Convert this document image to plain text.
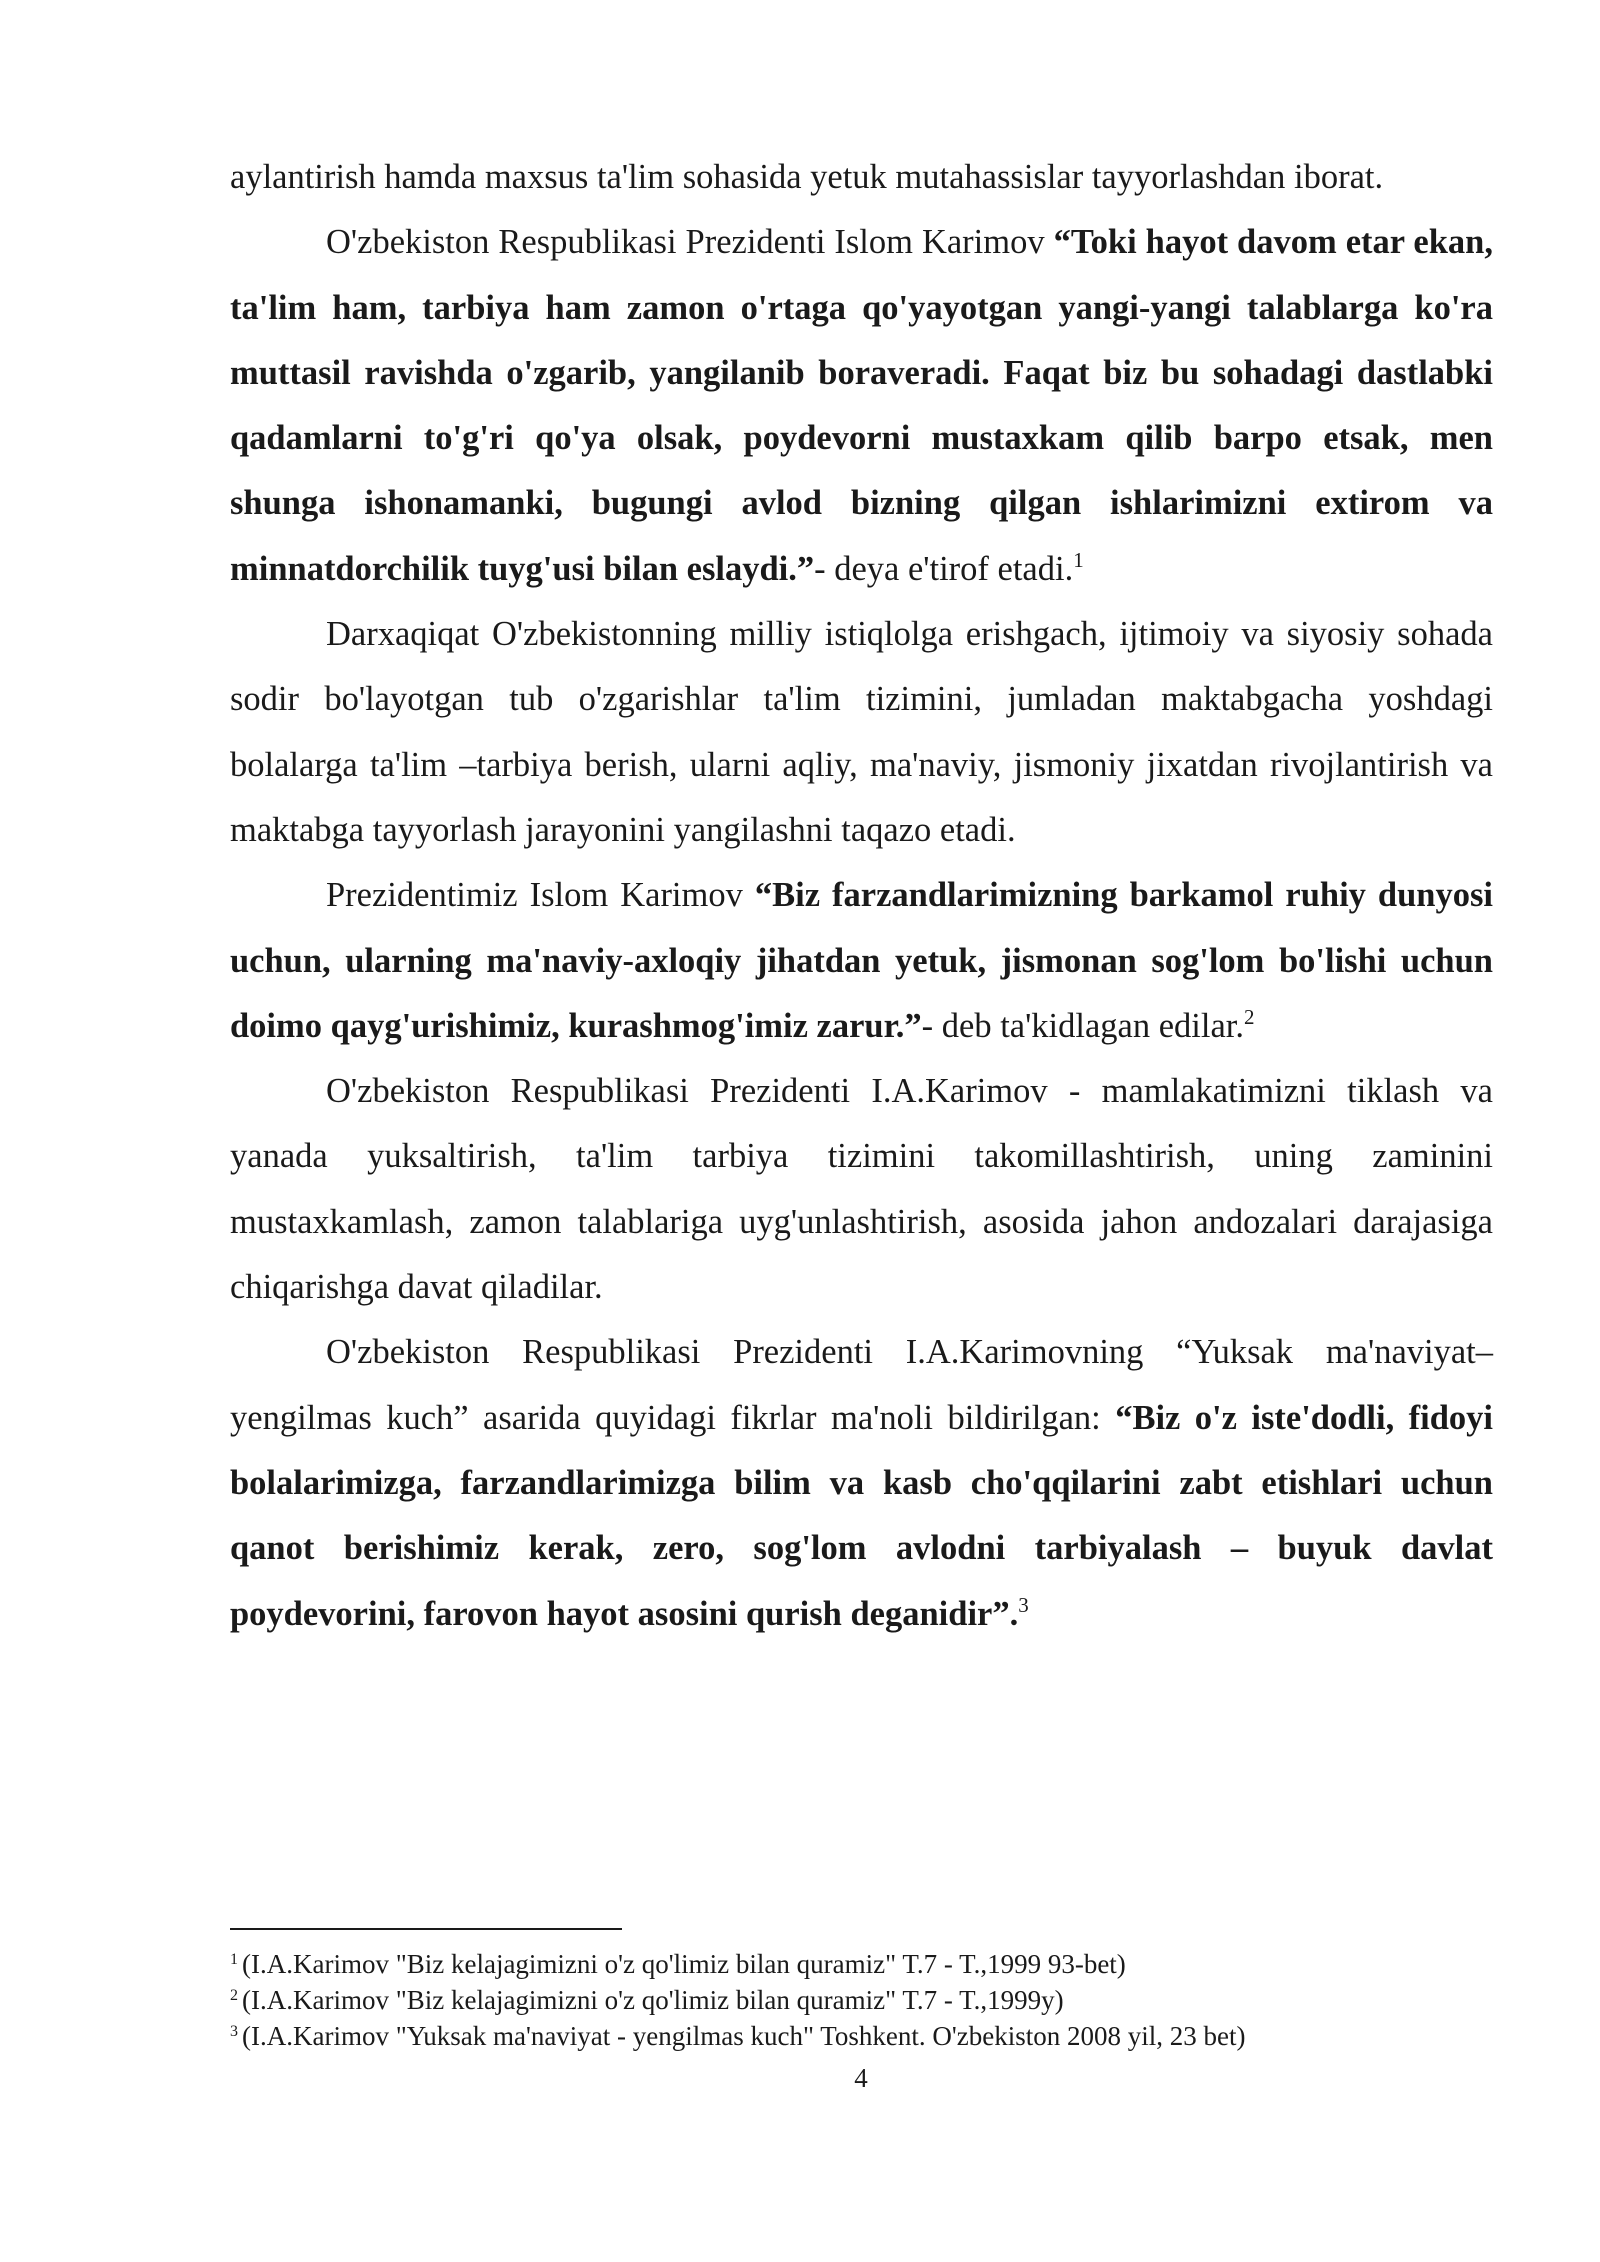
aylantirish hamda maxsus ta'lim sohasida yetuk mutahassislar tayyorlashdan iborat.

O'zbekiston Respublikasi Prezidenti Islom Karimov “Toki hayot davom etar ekan, ta'lim ham, tarbiya ham zamon o'rtaga qo'yayotgan yangi-yangi talablarga ko'ra muttasil ravishda o'zgarib, yangilanib boraveradi. Faqat biz bu sohadagi dastlabki qadamlarni to'g'ri qo'ya olsak, poydevorni mustaxkam qilib barpo etsak, men shunga ishonamanki, bugungi avlod bizning qilgan ishlarimizni extirom va minnatdorchilik tuyg'usi bilan eslaydi.”- deya e'tirof etadi.$^1$

Darxaqiqat O'zbekistonning milliy istiqlolga erishgach, ijtimoiy va siyosiy sohada sodir bo'layotgan tub o'zgarishlar ta'lim tizimini, jumladan maktabgacha yoshdagi bolalarga ta'lim –tarbiya berish, ularni aqliy, ma'naviy, jismoniy jixatdan rivojlantirish va maktabga tayyorlash jarayonini yangilashni taqazo etadi.

Prezidentimiz Islom Karimov “Biz farzandlarimizning barkamol ruhiy dunyosi uchun, ularning ma'naviy-axloqiy jihatdan yetuk, jismonan sog'lom bo'lishi uchun doimo qayg'urishimiz, kurashmog'imiz zarur.”- deb ta'kidlagan edilar.$^2$

O'zbekiston Respublikasi Prezidenti I.A.Karimov - mamlakatimizni tiklash va yanada yuksaltirish, ta'lim tarbiya tizimini takomillashtirish, uning zaminini mustaxkamlash, zamon talablariga uyg'unlashtirish, asosida jahon andozalari darajasiga chiqarishga davat qiladilar.

O'zbekiston Respublikasi Prezidenti I.A.Karimovning “Yuksak ma'naviyat– yengilmas kuch” asarida quyidagi fikrlar ma'noli bildirilgan: “Biz o'z iste'dodli, fidoyi bolalarimizga, farzandlarimizga bilim va kasb cho'qqilarini zabt etishlari uchun qanot berishimiz kerak, zero, sog'lom avlodni tarbiyalash – buyuk davlat poydevorini, farovon hayot asosini qurish deganidir”.$^3$

$^1$ (I.A.Karimov "Biz kelajagimizni o'z qo'limiz bilan quramiz" T.7 - T.,1999 93-bet)

$^2$ (I.A.Karimov "Biz kelajagimizni o'z qo'limiz bilan quramiz" T.7 - T.,1999y)

$^3$ (I.A.Karimov "Yuksak ma'naviyat - yengilmas kuch" Toshkent. O'zbekiston 2008 yil, 23 bet)

4
